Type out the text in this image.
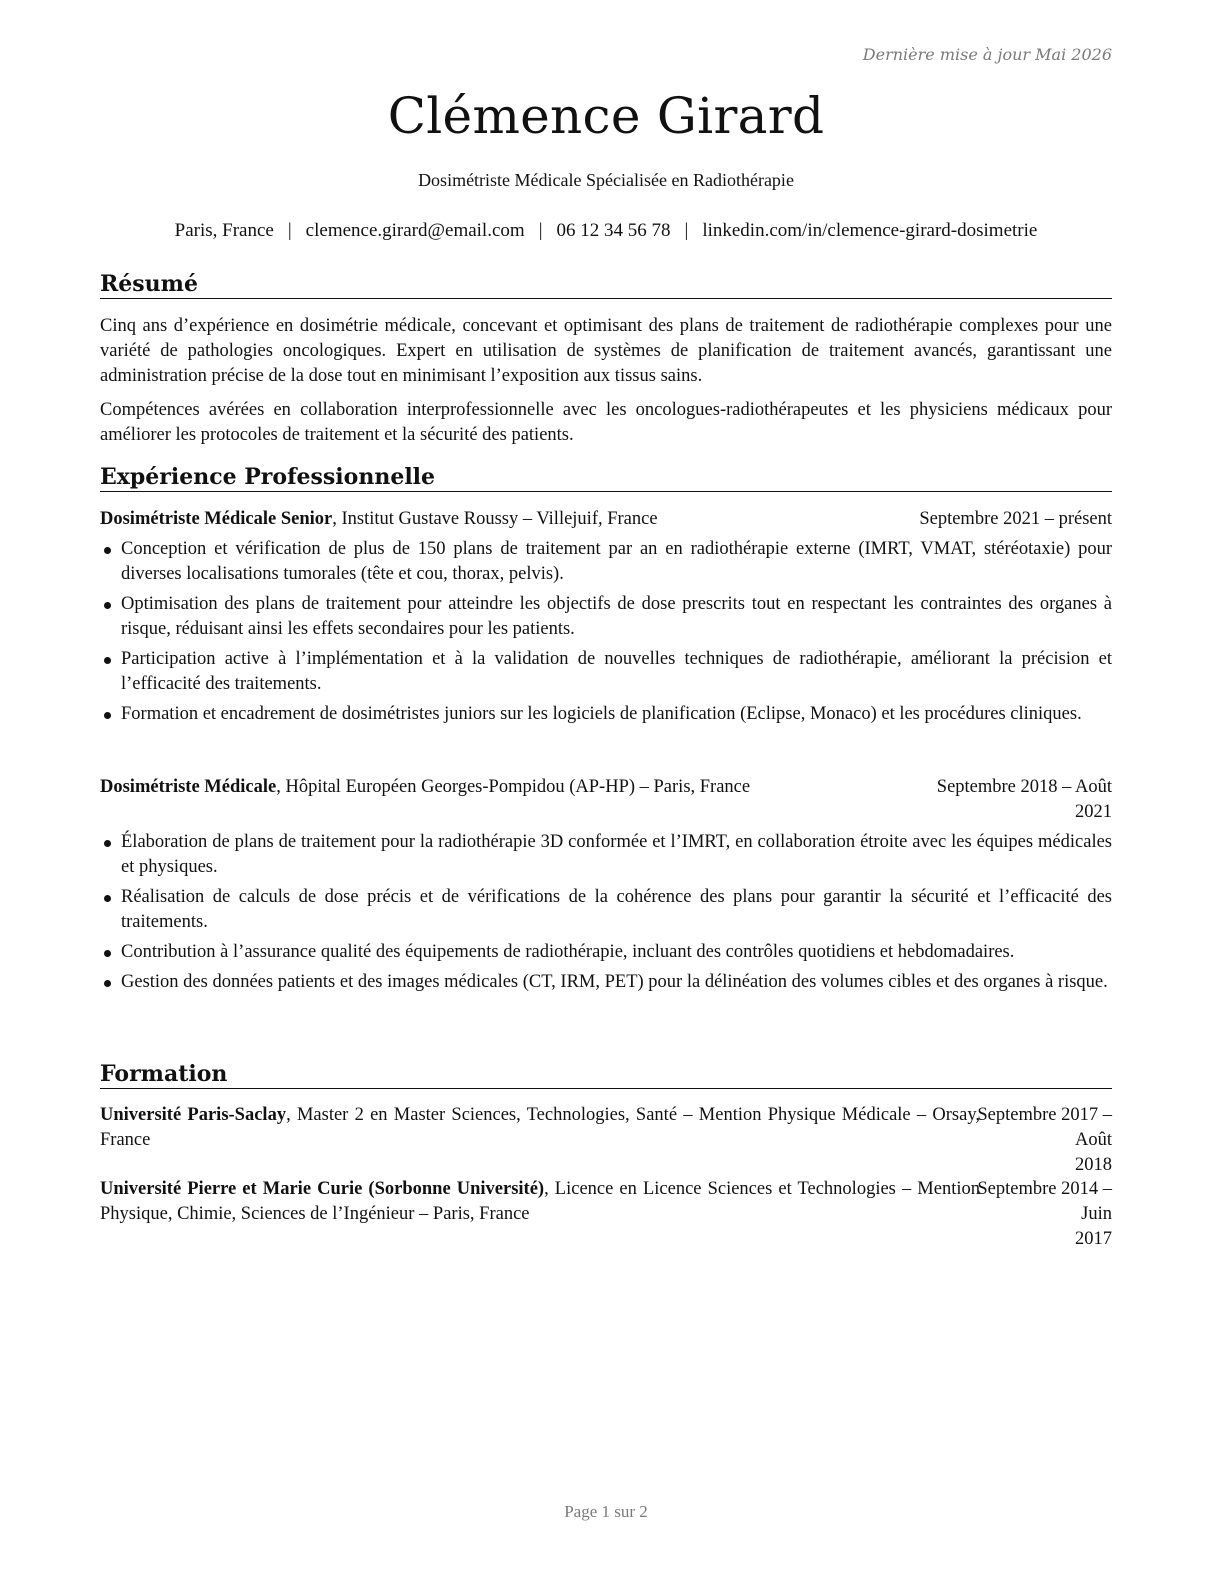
Dernière mise à jour Mai 2026
Clémence Girard
Dosimétriste Médicale Spécialisée en Radiothérapie
Paris, France | clemence.girard@email.com | 06 12 34 56 78 | linkedin.com/in/clemence-girard-dosimetrie
Résumé
Cinq ans d’expérience en dosimétrie médicale, concevant et optimisant des plans de traitement de radiothérapie complexes pour une variété de pathologies oncologiques. Expert en utilisation de systèmes de planification de traitement avancés, garantissant une administration précise de la dose tout en minimisant l’exposition aux tissus sains.
Compétences avérées en collaboration interprofessionnelle avec les oncologues-radiothérapeutes et les physiciens médicaux pour améliorer les protocoles de traitement et la sécurité des patients.
Expérience Professionnelle
Dosimétriste Médicale Senior, Institut Gustave Roussy – Villejuif, France	Septembre 2021 – présent
Conception et vérification de plus de 150 plans de traitement par an en radiothérapie externe (IMRT, VMAT, stéréotaxie) pour diverses localisations tumorales (tête et cou, thorax, pelvis).
Optimisation des plans de traitement pour atteindre les objectifs de dose prescrits tout en respectant les contraintes des organes à risque, réduisant ainsi les effets secondaires pour les patients.
Participation active à l’implémentation et à la validation de nouvelles techniques de radiothérapie, améliorant la précision et l’efficacité des traitements.
Formation et encadrement de dosimétristes juniors sur les logiciels de planification (Eclipse, Monaco) et les procédures cliniques.
Dosimétriste Médicale, Hôpital Européen Georges-Pompidou (AP-HP) – Paris, France	Septembre 2018 – Août
2021
Élaboration de plans de traitement pour la radiothérapie 3D conformée et l’IMRT, en collaboration étroite avec les équipes médicales et physiques.
Réalisation de calculs de dose précis et de vérifications de la cohérence des plans pour garantir la sécurité et l’efficacité des traitements.
Contribution à l’assurance qualité des équipements de radiothérapie, incluant des contrôles quotidiens et hebdomadaires.
Gestion des données patients et des images médicales (CT, IRM, PET) pour la délinéation des volumes cibles et des organes à risque.
Formation
Université Paris-Saclay, Master 2 en Master Sciences, Technologies, Santé – Mention Physique Médicale – Orsay, France
Septembre 2017 – Août
2018
Université Pierre et Marie Curie (Sorbonne Université), Licence en Licence Sciences et Technologies – Mention Physique, Chimie, Sciences de l’Ingénieur – Paris, France
Septembre 2014 – Juin
2017
Page 1 sur 2
